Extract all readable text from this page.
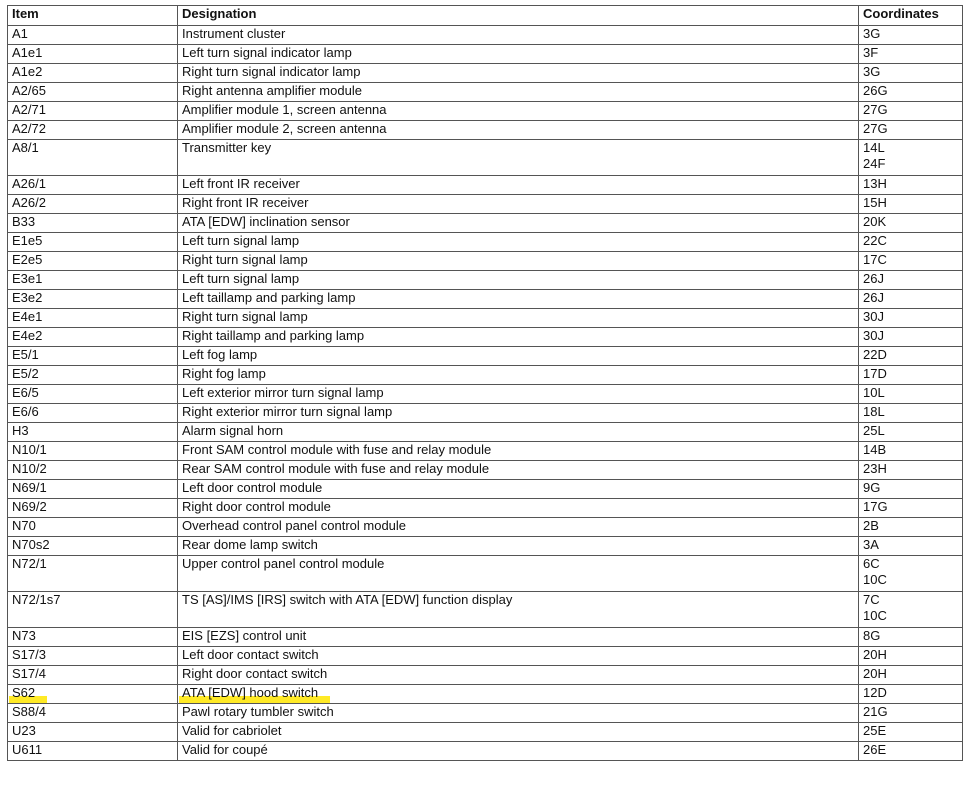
Item	Designation	Coordinates
A1	Instrument cluster	3G

A1e1	Left turn signal indicator lamp	3F

A1e2	Right turn signal indicator lamp	3G

A2/65	Right antenna amplifier module	26G

A2/71	Amplifier module 1, screen antenna	27G

A2/72	Amplifier module 2, screen antenna	27G

A8/1	Transmitter key	14L
24F

A26/1	Left front IR receiver	13H

A26/2	Right front IR receiver	15H

B33	ATA [EDW] inclination sensor	20K

E1e5	Left turn signal lamp	22C

E2e5	Right turn signal lamp	17C

E3e1	Left turn signal lamp	26J

E3e2	Left taillamp and parking lamp	26J

E4e1	Right turn signal lamp	30J

E4e2	Right taillamp and parking lamp	30J

E5/1	Left fog lamp	22D

E5/2	Right fog lamp	17D

E6/5	Left exterior mirror turn signal lamp	10L

E6/6	Right exterior mirror turn signal lamp	18L

H3	Alarm signal horn	25L

N10/1	Front SAM control module with fuse and relay module	14B

N10/2	Rear SAM control module with fuse and relay module	23H

N69/1	Left door control module	9G

N69/2	Right door control module	17G

N70	Overhead control panel control module	2B

N70s2	Rear dome lamp switch	3A

N72/1	Upper control panel control module	6C
10C

N72/1s7	TS [AS]/IMS [IRS] switch with ATA [EDW] function display	7C
10C

N73	EIS [EZS] control unit	8G

S17/3	Left door contact switch	20H

S17/4	Right door contact switch	20H

S62	ATA [EDW] hood switch	12D

S88/4	Pawl rotary tumbler switch	21G

U23	Valid for cabriolet	25E

U611	Valid for coupé	26E
